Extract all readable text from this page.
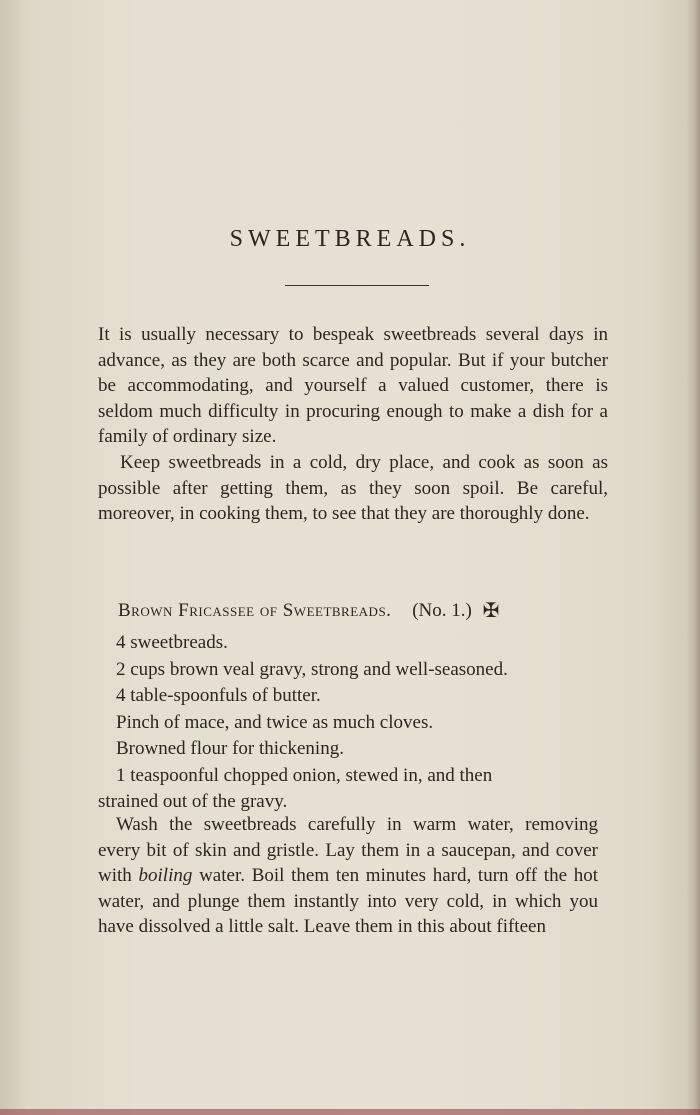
SWEETBREADS.

It is usually necessary to bespeak sweetbreads several days in advance, as they are both scarce and popular. But if your butcher be accommodating, and yourself a valued customer, there is seldom much difficulty in procuring enough to make a dish for a family of ordinary size.

Keep sweetbreads in a cold, dry place, and cook as soon as possible after getting them, as they soon spoil. Be careful, moreover, in cooking them, to see that they are thoroughly done.

Brown Fricassee of Sweetbreads. (No. 1.) ✠
4 sweetbreads.
2 cups brown veal gravy, strong and well-seasoned.
4 table-spoonfuls of butter.
Pinch of mace, and twice as much cloves.
Browned flour for thickening.
1 teaspoonful chopped onion, stewed in, and then
strained out of the gravy.

Wash the sweetbreads carefully in warm water, removing every bit of skin and gristle. Lay them in a saucepan, and cover with boiling water. Boil them ten minutes hard, turn off the hot water, and plunge them instantly into very cold, in which you have dissolved a little salt. Leave them in this about fifteen
